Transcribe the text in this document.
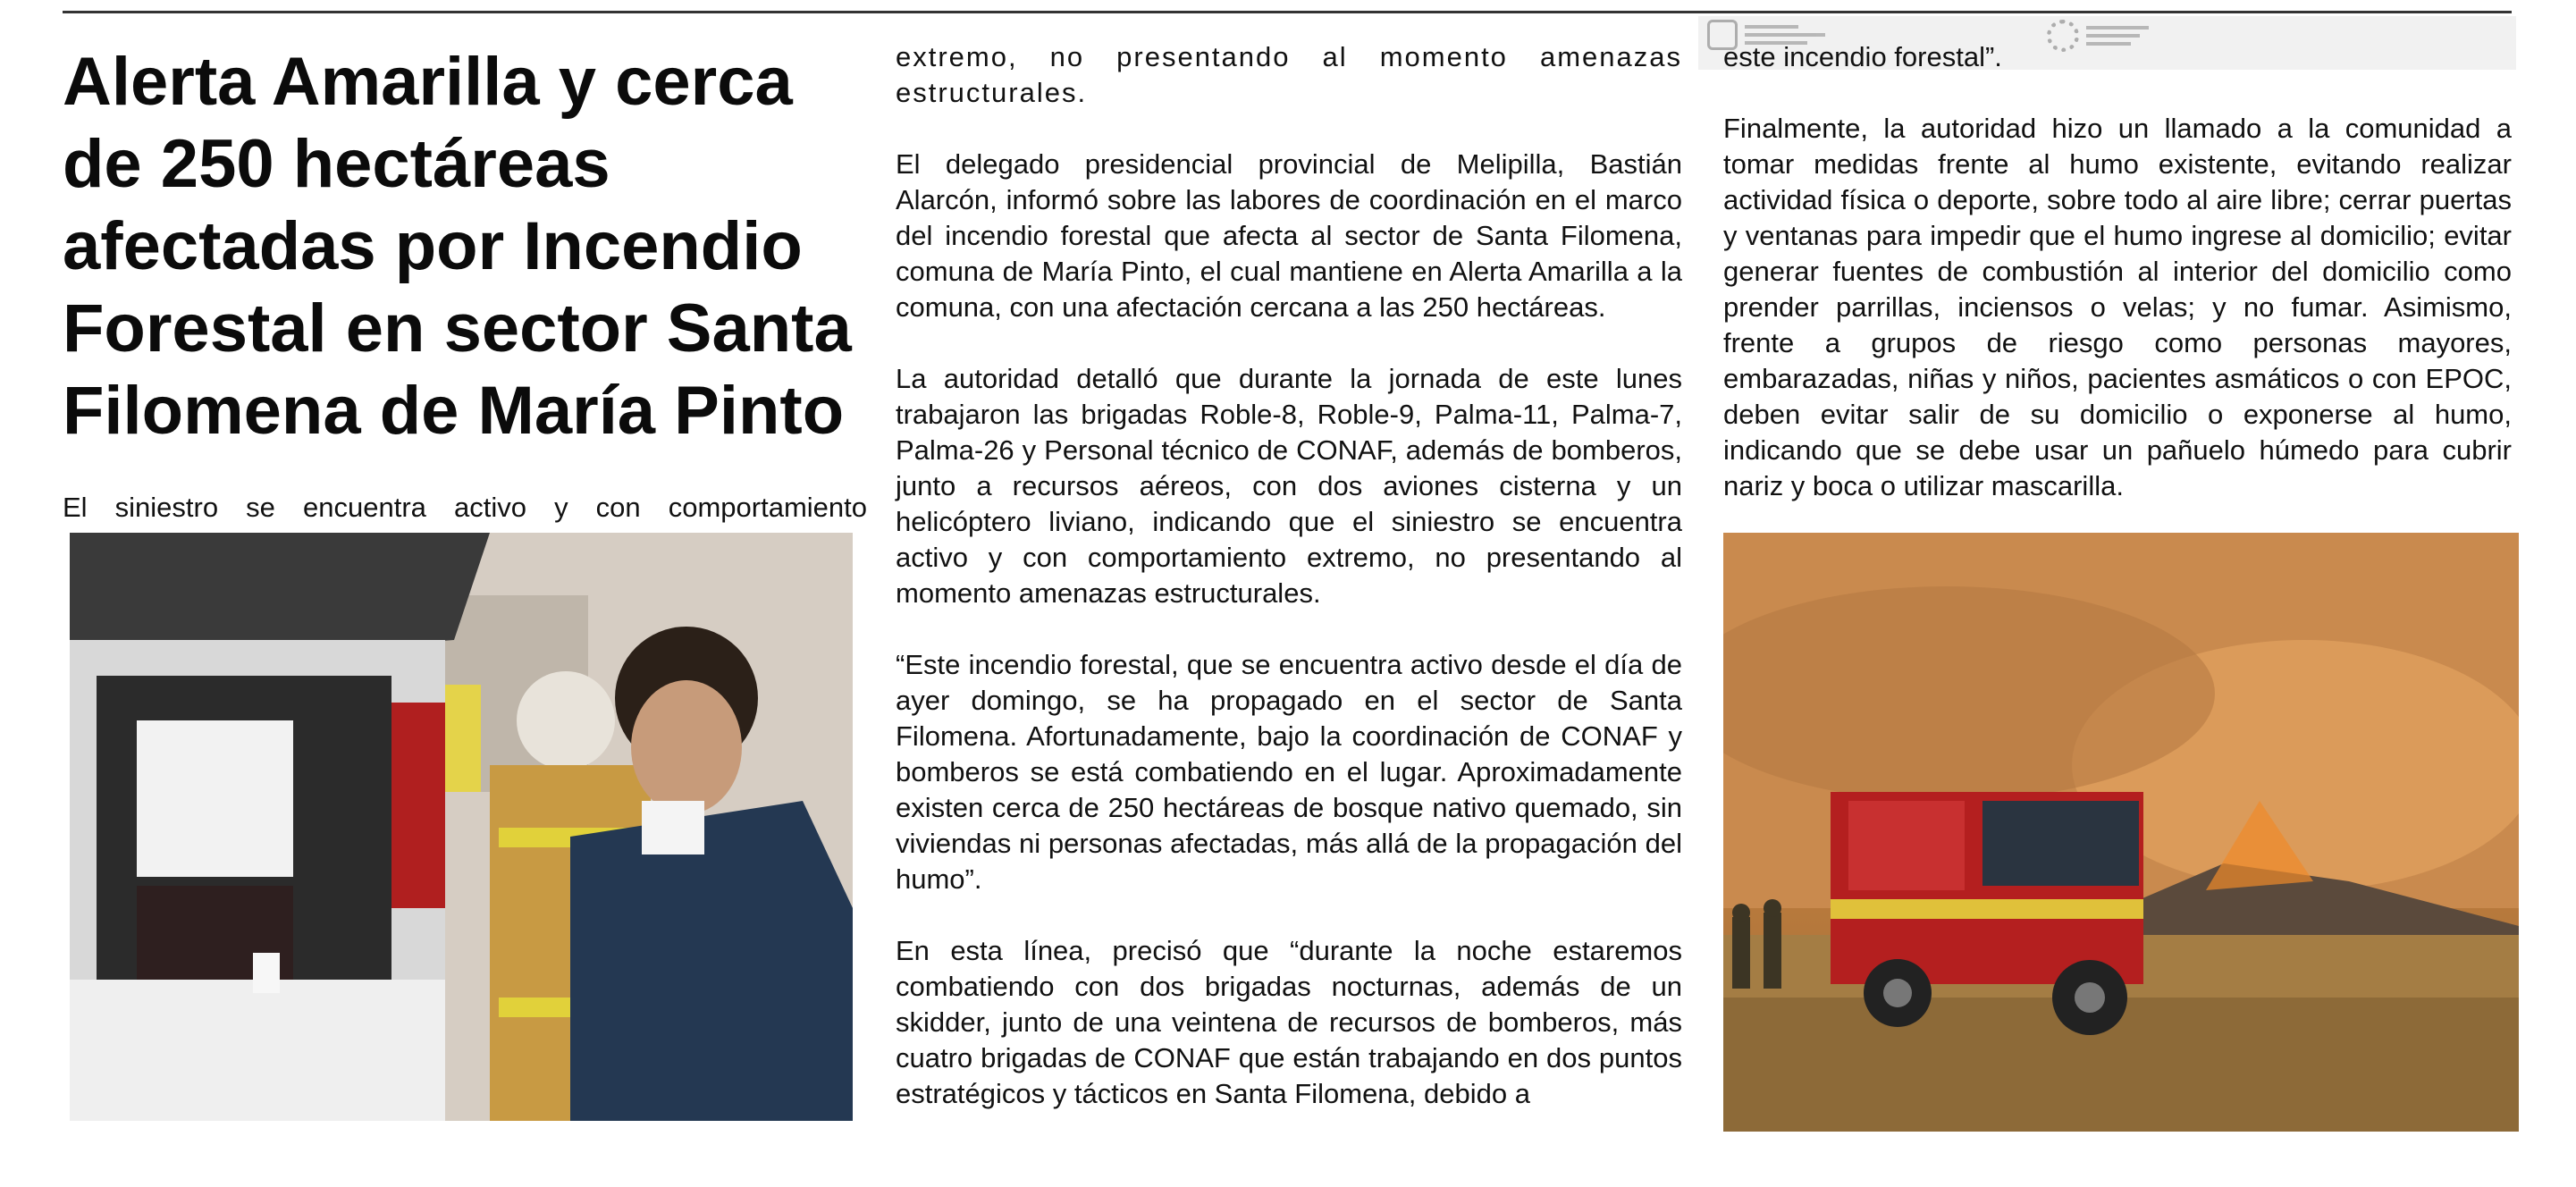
Alerta Amarilla y cerca de 250 hectáreas afectadas por Incendio Forestal en sector Santa Filomena de María Pinto

El siniestro se encuentra activo y con comportamiento

extremo, no presentando al momento amenazas estructurales.

El delegado presidencial provincial de Melipilla, Bastián Alarcón, informó sobre las labores de coordinación en el marco del incendio forestal que afecta al sector de Santa Filomena, comuna de María Pinto, el cual mantiene en Alerta Amarilla a la comuna, con una afectación cercana a las 250 hectáreas.

La autoridad detalló que durante la jornada de este lunes trabajaron las brigadas Roble-8, Roble-9, Palma-11, Palma-7, Palma-26 y Personal técnico de CONAF, además de bomberos, junto a recursos aéreos, con dos aviones cisterna y un helicóptero liviano, indicando que el siniestro se encuentra activo y con comportamiento extremo, no presentando al momento amenazas estructurales.

“Este incendio forestal, que se encuentra activo desde el día de ayer domingo, se ha propagado en el sector de Santa Filomena. Afortunadamente, bajo la coordinación de CONAF y bomberos se está combatiendo en el lugar. Aproximadamente existen cerca de 250 hectáreas de bosque nativo quemado, sin viviendas ni personas afectadas, más allá de la propagación del humo”.

En esta línea, precisó que “durante la noche estaremos combatiendo con dos brigadas nocturnas, además de un skidder, junto de una veintena de recursos de bomberos, más cuatro brigadas de CONAF que están trabajando en dos puntos estratégicos y tácticos en Santa Filomena, debido a

este incendio forestal”.

Finalmente, la autoridad hizo un llamado a la comunidad a tomar medidas frente al humo existente, evitando realizar actividad física o deporte, sobre todo al aire libre; cerrar puertas y ventanas para impedir que el humo ingrese al domicilio; evitar generar fuentes de combustión al interior del domicilio como prender parrillas, inciensos o velas; y no fumar. Asimismo, frente a grupos de riesgo como personas mayores, embarazadas, niñas y niños, pacientes asmáticos o con EPOC, deben evitar salir de su domicilio o exponerse al humo, indicando que se debe usar un pañuelo húmedo para cubrir nariz y boca o utilizar mascarilla.
